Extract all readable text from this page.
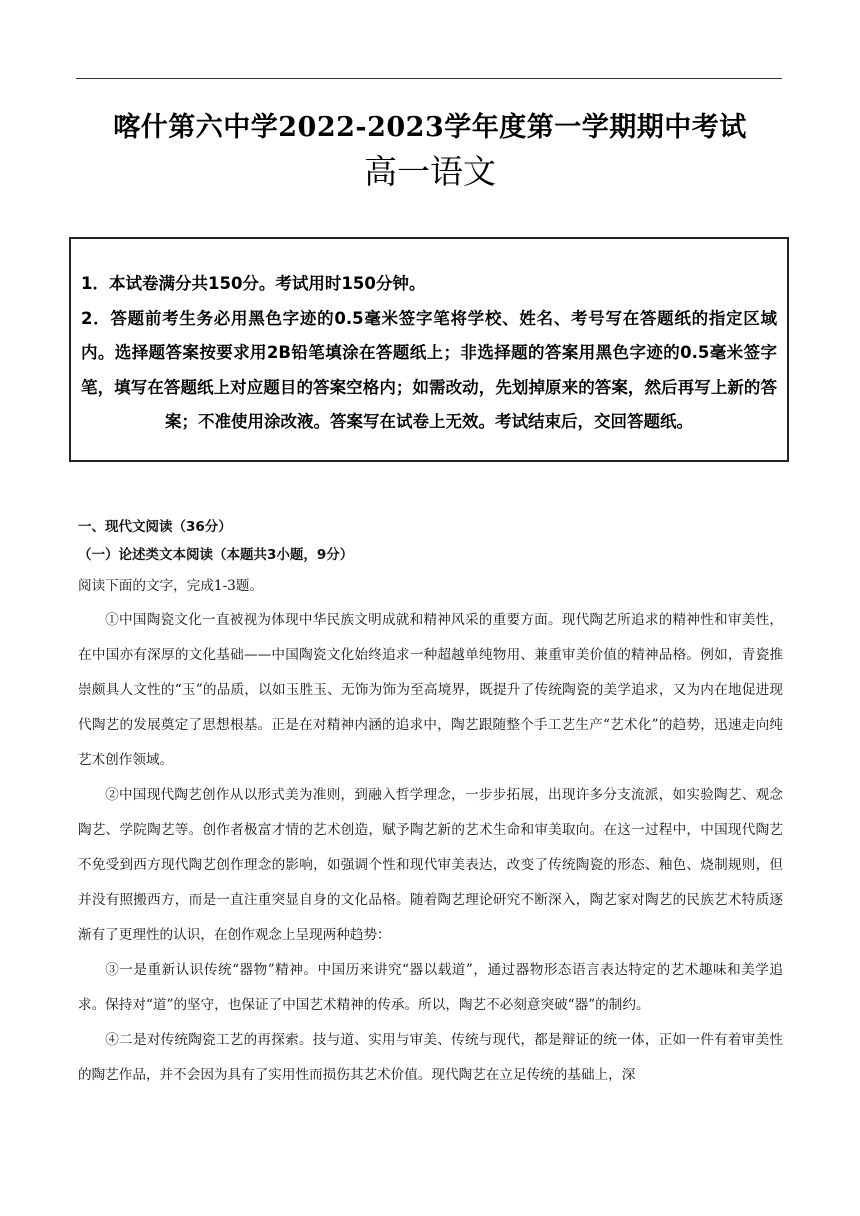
喀什第六中学2022-2023学年度第一学期期中考试
高一语文
1．本试卷满分共150分。考试用时150分钟。
2．答题前考生务必用黑色字迹的0.5毫米签字笔将学校、姓名、考号写在答题纸的指定区域内。选择题答案按要求用2B铅笔填涂在答题纸上；非选择题的答案用黑色字迹的0.5毫米签字笔，填写在答题纸上对应题目的答案空格内；如需改动，先划掉原来的答案，然后再写上新的答案；不准使用涂改液。答案写在试卷上无效。考试结束后，交回答题纸。
一、现代文阅读（36分）
（一）论述类文本阅读（本题共3小题，9分）
阅读下面的文字，完成1-3题。

①中国陶瓷文化一直被视为体现中华民族文明成就和精神风采的重要方面。现代陶艺所追求的精神性和审美性，在中国亦有深厚的文化基础——中国陶瓷文化始终追求一种超越单纯物用、兼重审美价值的精神品格。例如，青瓷推崇颇具人文性的“玉”的品质，以如玉胜玉、无饰为饰为至高境界，既提升了传统陶瓷的美学追求，又为内在地促进现代陶艺的发展奠定了思想根基。正是在对精神内涵的追求中，陶艺跟随整个手工艺生产“艺术化”的趋势，迅速走向纯艺术创作领域。

②中国现代陶艺创作从以形式美为准则，到融入哲学理念，一步步拓展，出现许多分支流派，如实验陶艺、观念陶艺、学院陶艺等。创作者极富才情的艺术创造，赋予陶艺新的艺术生命和审美取向。在这一过程中，中国现代陶艺不免受到西方现代陶艺创作理念的影响，如强调个性和现代审美表达，改变了传统陶瓷的形态、釉色、烧制规则，但并没有照搬西方，而是一直注重突显自身的文化品格。随着陶艺理论研究不断深入，陶艺家对陶艺的民族艺术特质逐渐有了更理性的认识，在创作观念上呈现两种趋势：

③一是重新认识传统“器物”精神。中国历来讲究“器以载道”，通过器物形态语言表达特定的艺术趣味和美学追求。保持对“道”的坚守，也保证了中国艺术精神的传承。所以，陶艺不必刻意突破“器”的制约。

④二是对传统陶瓷工艺的再探索。技与道、实用与审美、传统与现代，都是辩证的统一体，正如一件有着审美性的陶艺作品，并不会因为具有了实用性而损伤其艺术价值。现代陶艺在立足传统的基础上，深
